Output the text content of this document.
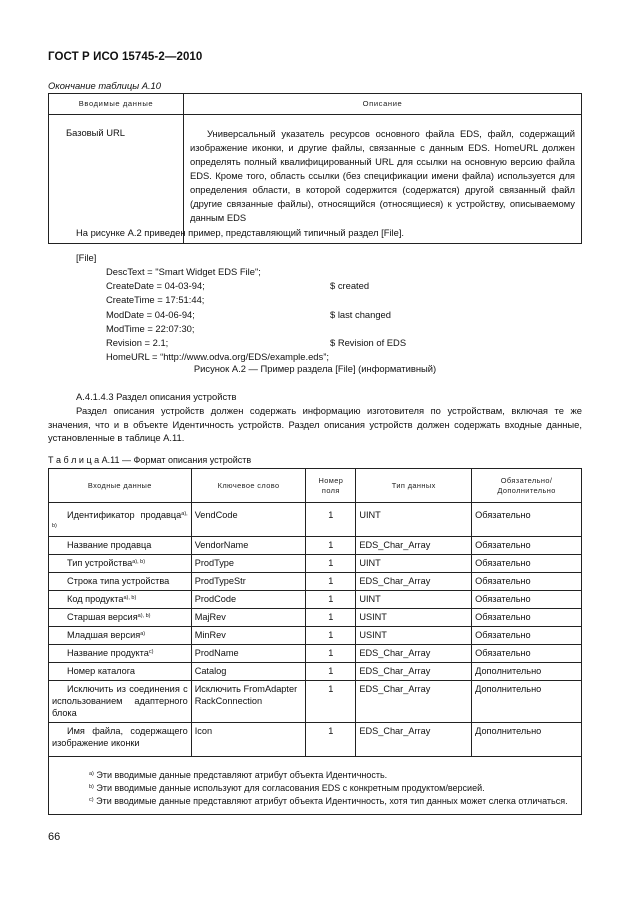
ГОСТ Р ИСО 15745-2—2010
Окончание таблицы A.10
Вводимые данные	Описание

Базовый URL	Универсальный указатель ресурсов основного файла EDS, файл, содержащий изображение иконки, и другие файлы, связанные с данным EDS. HomeURL должен определять полный квалифицированный URL для ссылки на основную версию файла EDS. Кроме того, область ссылки (без спецификации имени файла) используется для определения области, в которой содержится (содержатся) другой связанный файл (другие связанные файлы), относящийся (относящиеся) к устройству, описываемому данным EDS
На рисунке A.2 приведен пример, представляющий типичный раздел [File].
[File]
DescText = "Smart Widget EDS File";
CreateDate = 04-03-94;	$ created
CreateTime = 17:51:44;
ModDate = 04-06-94;	$ last changed
ModTime = 22:07:30;
Revision = 2.1;	$ Revision of EDS
HomeURL = “http://www.odva.org/EDS/example.eds”;
Рисунок A.2 — Пример раздела [File] (информативный)
A.4.1.4.3 Раздел описания устройств
Раздел описания устройств должен содержать информацию изготовителя по устройствам, включая те же значения, что и в объекте Идентичность устройств. Раздел описания устройств должен содержать входные данные, установленные в таблице A.11.
Т а б л и ц а A.11 — Формат описания устройств
Входные данные	Ключевое слово	Номер поля	Тип данных	Обязательно/ Дополнительно
Идентификатор продавца$^{a), b)}$	VendCode	1	UINT	Обязательно
Название продавца	VendorName	1	EDS_Char_Array	Обязательно
Тип устройства$^{a), b)}$	ProdType	1	UINT	Обязательно
Строка типа устройства	ProdTypeStr	1	EDS_Char_Array	Обязательно
Код продукта$^{a), b)}$	ProdCode	1	UINT	Обязательно
Старшая версия$^{a), b)}$	MajRev	1	USINT	Обязательно
Младшая версия$^{a)}$	MinRev	1	USINT	Обязательно
Название продукта$^{c)}$	ProdName	1	EDS_Char_Array	Обязательно
Номер каталога	Catalog	1	EDS_Char_Array	Дополнительно
Исключить из соединения с использованием адаптерного блока	Исключить FromAdapterRackConnection	1	EDS_Char_Array	Дополнительно
Имя файла, содержащего изображение иконки	Icon	1	EDS_Char_Array	Дополнительно

$^{a)}$ Эти вводимые данные представляют атрибут объекта Идентичность.
$^{b)}$ Эти вводимые данные используют для согласования EDS с конкретным продуктом/версией.
$^{c)}$ Эти вводимые данные представляют атрибут объекта Идентичность, хотя тип данных может слегка отличаться.				
66
